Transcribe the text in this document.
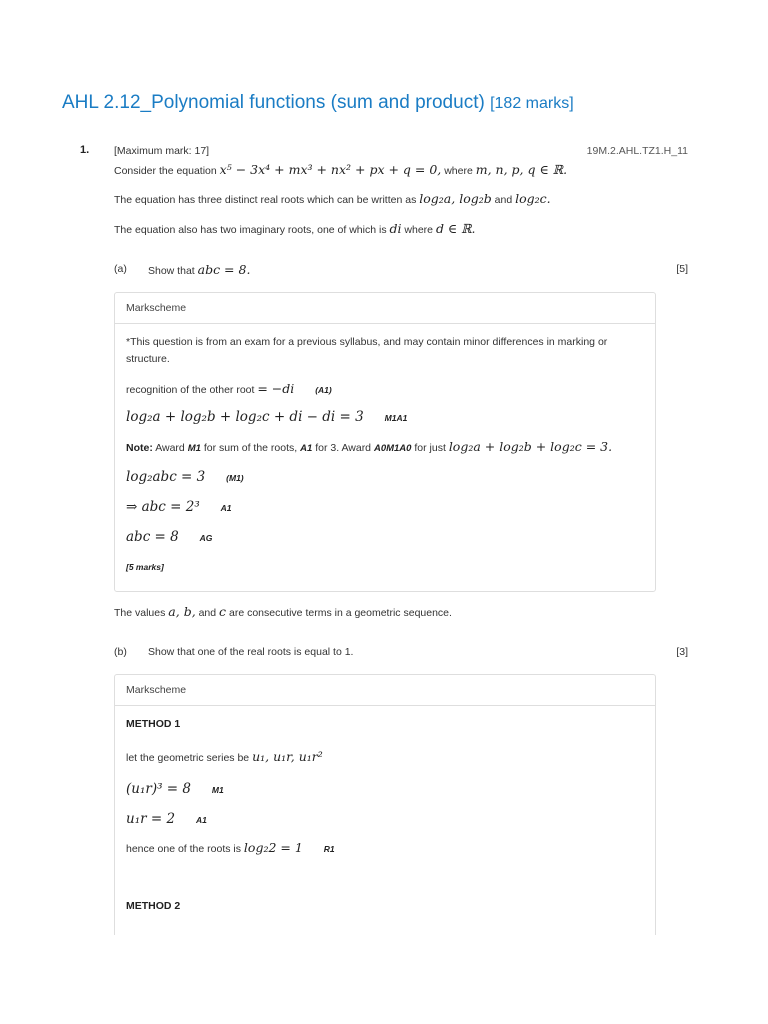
AHL 2.12_Polynomial functions (sum and product) [182 marks]
1. [Maximum mark: 17]	19M.2.AHL.TZ1.H_11
Consider the equation x⁵ − 3x⁴ + mx³ + nx² + px + q = 0, where m, n, p, q ∈ ℝ.
The equation has three distinct real roots which can be written as log₂a, log₂b and log₂c.
The equation also has two imaginary roots, one of which is di where d ∈ ℝ.
(a) Show that abc = 8.	[5]
Markscheme
*This question is from an exam for a previous syllabus, and may contain minor differences in marking or
structure.
recognition of the other root = −di (A1)
log₂a + log₂b + log₂c + di − di = 3 M1A1
Note: Award M1 for sum of the roots, A1 for 3. Award A0M1A0 for just log₂a + log₂b + log₂c = 3.
log₂abc = 3 (M1)
⇒ abc = 2³ A1
abc = 8 AG
[5 marks]
The values a, b, and c are consecutive terms in a geometric sequence.
(b) Show that one of the real roots is equal to 1.	[3]
Markscheme
METHOD 1
let the geometric series be u₁, u₁r, u₁r²
(u₁r)³ = 8 M1
u₁r = 2 A1
hence one of the roots is log₂2 = 1 R1
METHOD 2
